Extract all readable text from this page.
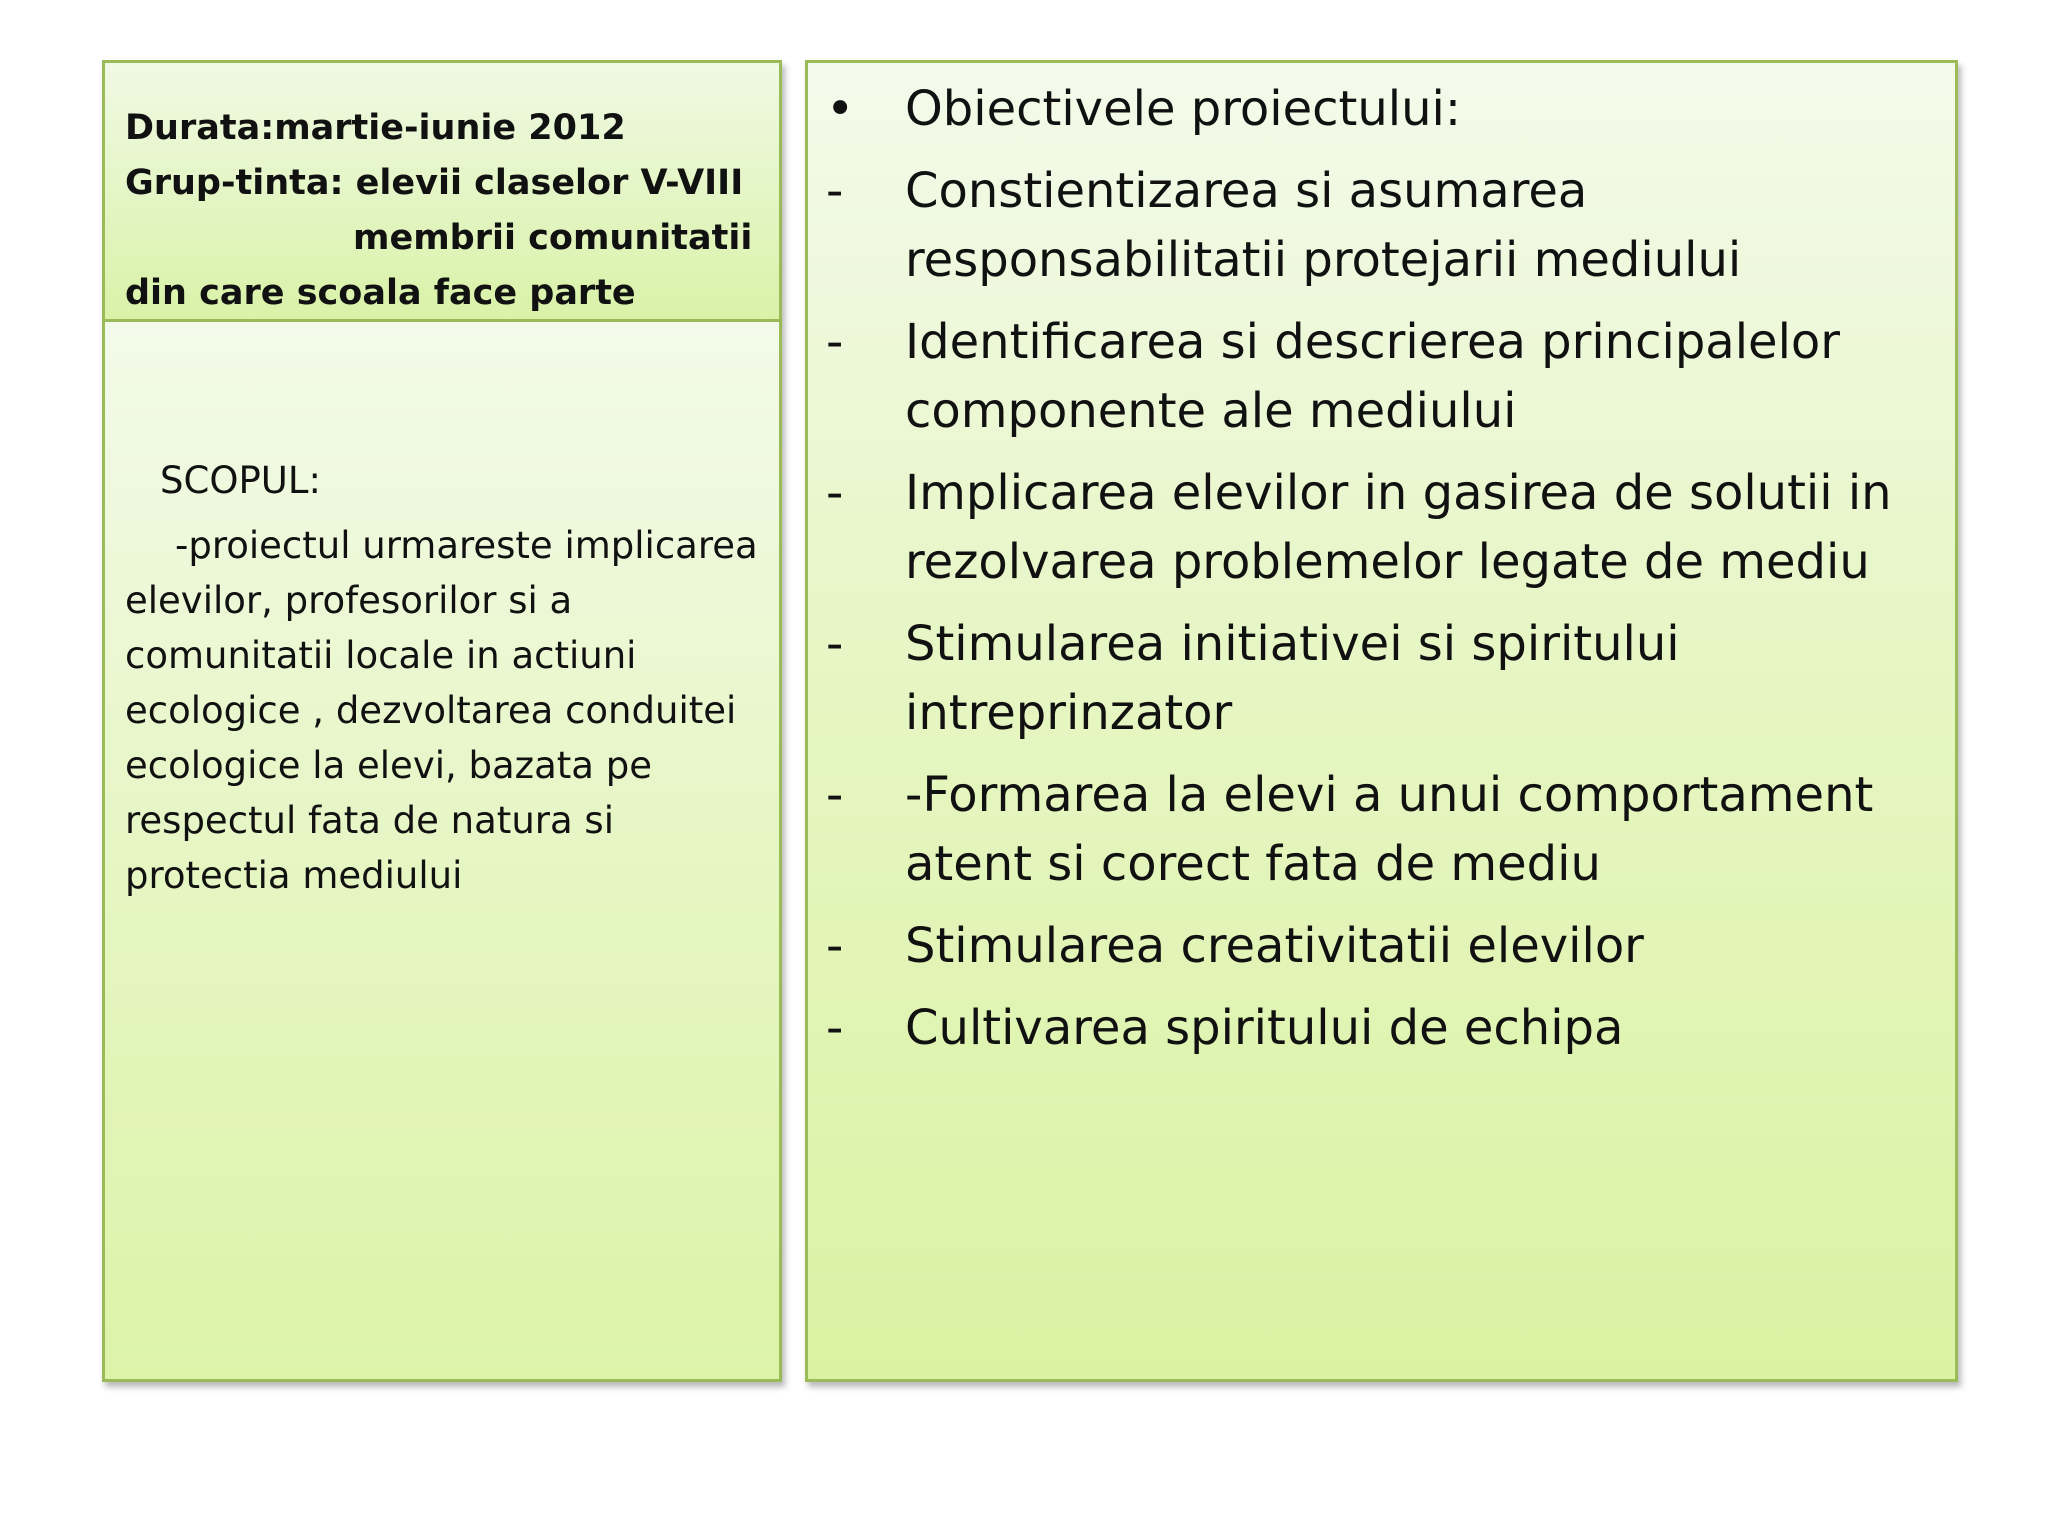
Durata:martie-iunie 2012
Grup-tinta: elevii claselor V-VIII
membrii comunitatii
din care scoala face parte
SCOPUL:
-proiectul urmareste implicarea elevilor, profesorilor si a comunitatii locale in actiuni ecologice , dezvoltarea conduitei ecologice la elevi, bazata pe respectul fata de natura si protectia mediului
•	Obiectivele proiectului:
-	Constientizarea si asumarea responsabilitatii protejarii mediului
-	Identificarea si descrierea principalelor componente ale mediului
-	Implicarea elevilor in gasirea de solutii in rezolvarea problemelor legate de mediu
-	Stimularea initiativei si spiritului intreprinzator
-	-Formarea la elevi a unui comportament atent si corect fata de mediu
-	Stimularea creativitatii elevilor
-	Cultivarea spiritului de echipa
